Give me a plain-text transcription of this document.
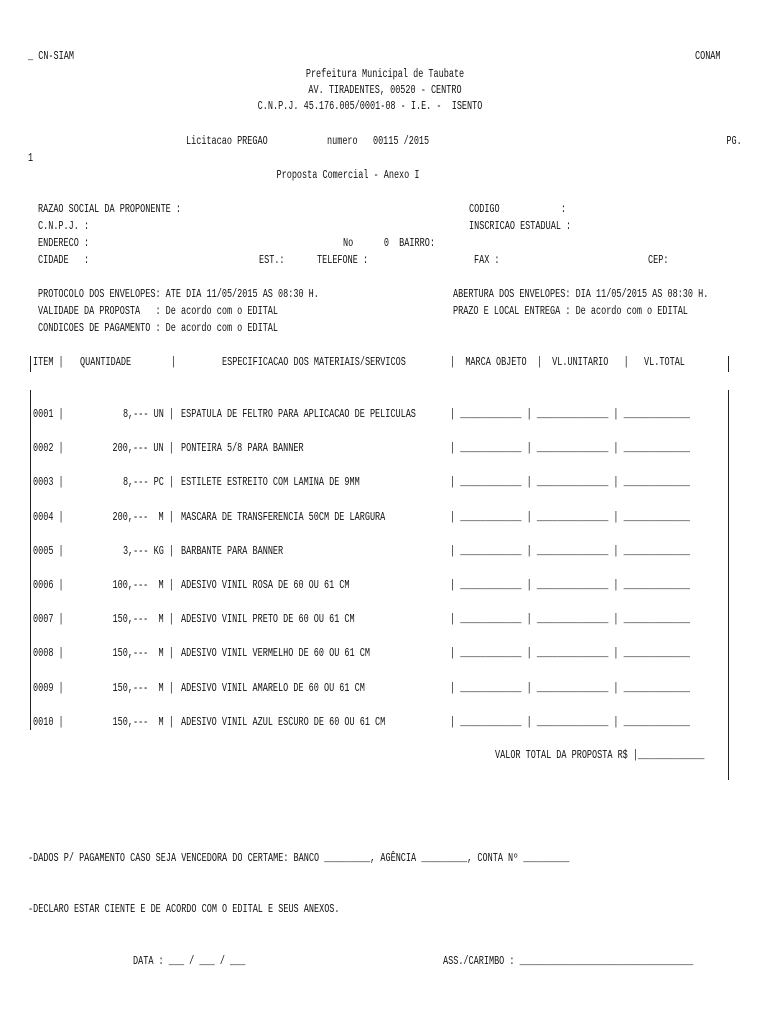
_ CN-SIAM	CONAM
Prefeitura Municipal de Taubate
AV. TIRADENTES, 00520 - CENTRO
C.N.P.J. 45.176.005/0001-08 - I.E. -  ISENTO
Licitacao PREGAO	numero   00115 /2015	PG.
1
Proposta Comercial - Anexo I
RAZAO SOCIAL DA PROPONENTE :	CODIGO            :
C.N.P.J. :	INSCRICAO ESTADUAL :
ENDERECO :	No      0  BAIRRO:
CIDADE   :	EST.:	TELEFONE :	FAX :	CEP:
PROTOCOLO DOS ENVELOPES: ATE DIA 11/05/2015 AS 08:30 H.	ABERTURA DOS ENVELOPES: DIA 11/05/2015 AS 08:30 H.
VALIDADE DA PROPOSTA   : De acordo com o EDITAL	PRAZO E LOCAL ENTREGA : De acordo com o EDITAL
CONDICOES DE PAGAMENTO : De acordo com o EDITAL
ITEM | QUANTIDADE	|	ESPECIFICACAO DOS MATERIAIS/SERVICOS	|  MARCA OBJETO  |  VL.UNITARIO   |   VL.TOTAL
0001 |	8,--- UN | ESPATULA DE FELTRO PARA APLICACAO DE PELICULAS	| ____________ | ______________ | _____________
0002 |	200,--- UN | PONTEIRA 5/8 PARA BANNER	| ____________ | ______________ | _____________
0003 |	8,--- PC | ESTILETE ESTREITO COM LAMINA DE 9MM	| ____________ | ______________ | _____________
0004 |	200,---  M | MASCARA DE TRANSFERENCIA 50CM DE LARGURA	| ____________ | ______________ | _____________
0005 |	3,--- KG | BARBANTE PARA BANNER	| ____________ | ______________ | _____________
0006 |	100,---  M | ADESIVO VINIL ROSA DE 60 OU 61 CM	| ____________ | ______________ | _____________
0007 |	150,---  M | ADESIVO VINIL PRETO DE 60 OU 61 CM	| ____________ | ______________ | _____________
0008 |	150,---  M | ADESIVO VINIL VERMELHO DE 60 OU 61 CM	| ____________ | ______________ | _____________
0009 |	150,---  M | ADESIVO VINIL AMARELO DE 60 OU 61 CM	| ____________ | ______________ | _____________
0010 |	150,---  M | ADESIVO VINIL AZUL ESCURO DE 60 OU 61 CM	| ____________ | ______________ | _____________
VALOR TOTAL DA PROPOSTA R$ |_____________
-DADOS P/ PAGAMENTO CASO SEJA VENCEDORA DO CERTAME: BANCO _________, AGÊNCIA _________, CONTA Nº _________
-DECLARO ESTAR CIENTE E DE ACORDO COM O EDITAL E SEUS ANEXOS.
DATA : ___ / ___ / ___	ASS./CARIMBO : __________________________________
